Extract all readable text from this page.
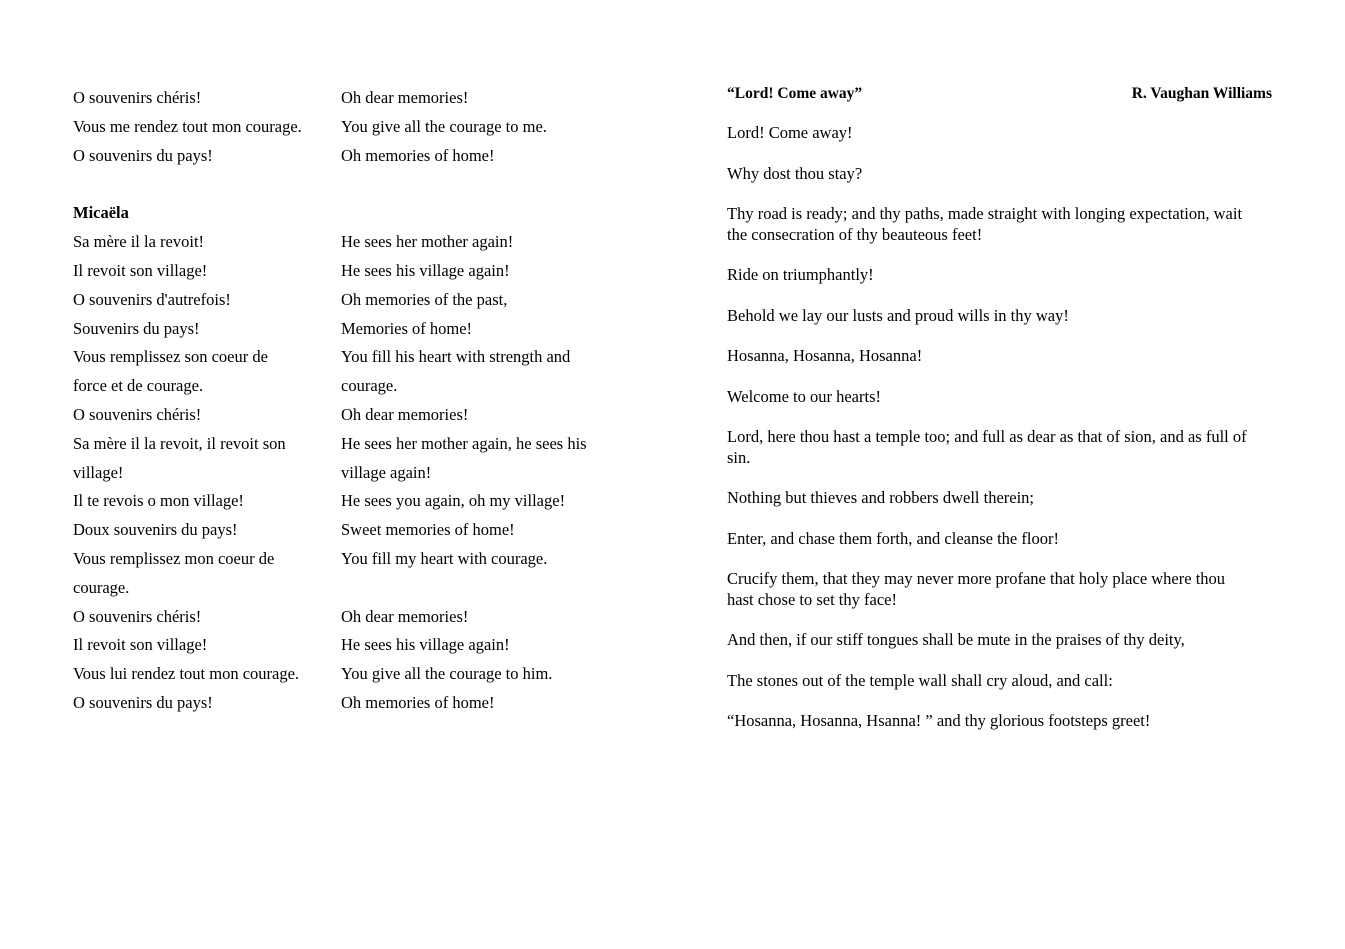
O souvenirs chéris!	Oh dear memories!
Vous me rendez tout mon courage.	You give all the courage to me.
O souvenirs du pays!	Oh memories of home!
Micaëla
Sa mère il la revoit!	He sees her mother again!
Il revoit son village!	He sees his village again!
O souvenirs d'autrefois!	Oh memories of the past,
Souvenirs du pays!	Memories of home!
Vous remplissez son coeur de	You fill his heart with strength and
force et de courage.	courage.
O souvenirs chéris!	Oh dear memories!
Sa mère il la revoit, il revoit son	He sees her mother again, he sees his
village!	village again!
Il te revois o mon village!	He sees you again, oh my village!
Doux souvenirs du pays!	Sweet memories of home!
Vous remplissez mon coeur de	You fill my heart with courage.
courage.
O souvenirs chéris!	Oh dear memories!
Il revoit son village!	He sees his village again!
Vous lui rendez tout mon courage.	You give all the courage to him.
O souvenirs du pays!	Oh memories of home!
“Lord! Come away”	R. Vaughan Williams
Lord! Come away!
Why dost thou stay?
Thy road is ready; and thy paths, made straight with longing expectation, wait the consecration of thy beauteous feet!
Ride on triumphantly!
Behold we lay our lusts and proud wills in thy way!
Hosanna, Hosanna, Hosanna!
Welcome to our hearts!
Lord, here thou hast a temple too; and full as dear as that of sion, and as full of sin.
Nothing but thieves and robbers dwell therein;
Enter, and chase them forth, and cleanse the floor!
Crucify them, that they may never more profane that holy place where thou hast chose to set thy face!
And then, if our stiff tongues shall be mute in the praises of thy deity,
The stones out of the temple wall shall cry aloud, and call:
“Hosanna, Hosanna, Hsanna! ” and thy glorious footsteps greet!
